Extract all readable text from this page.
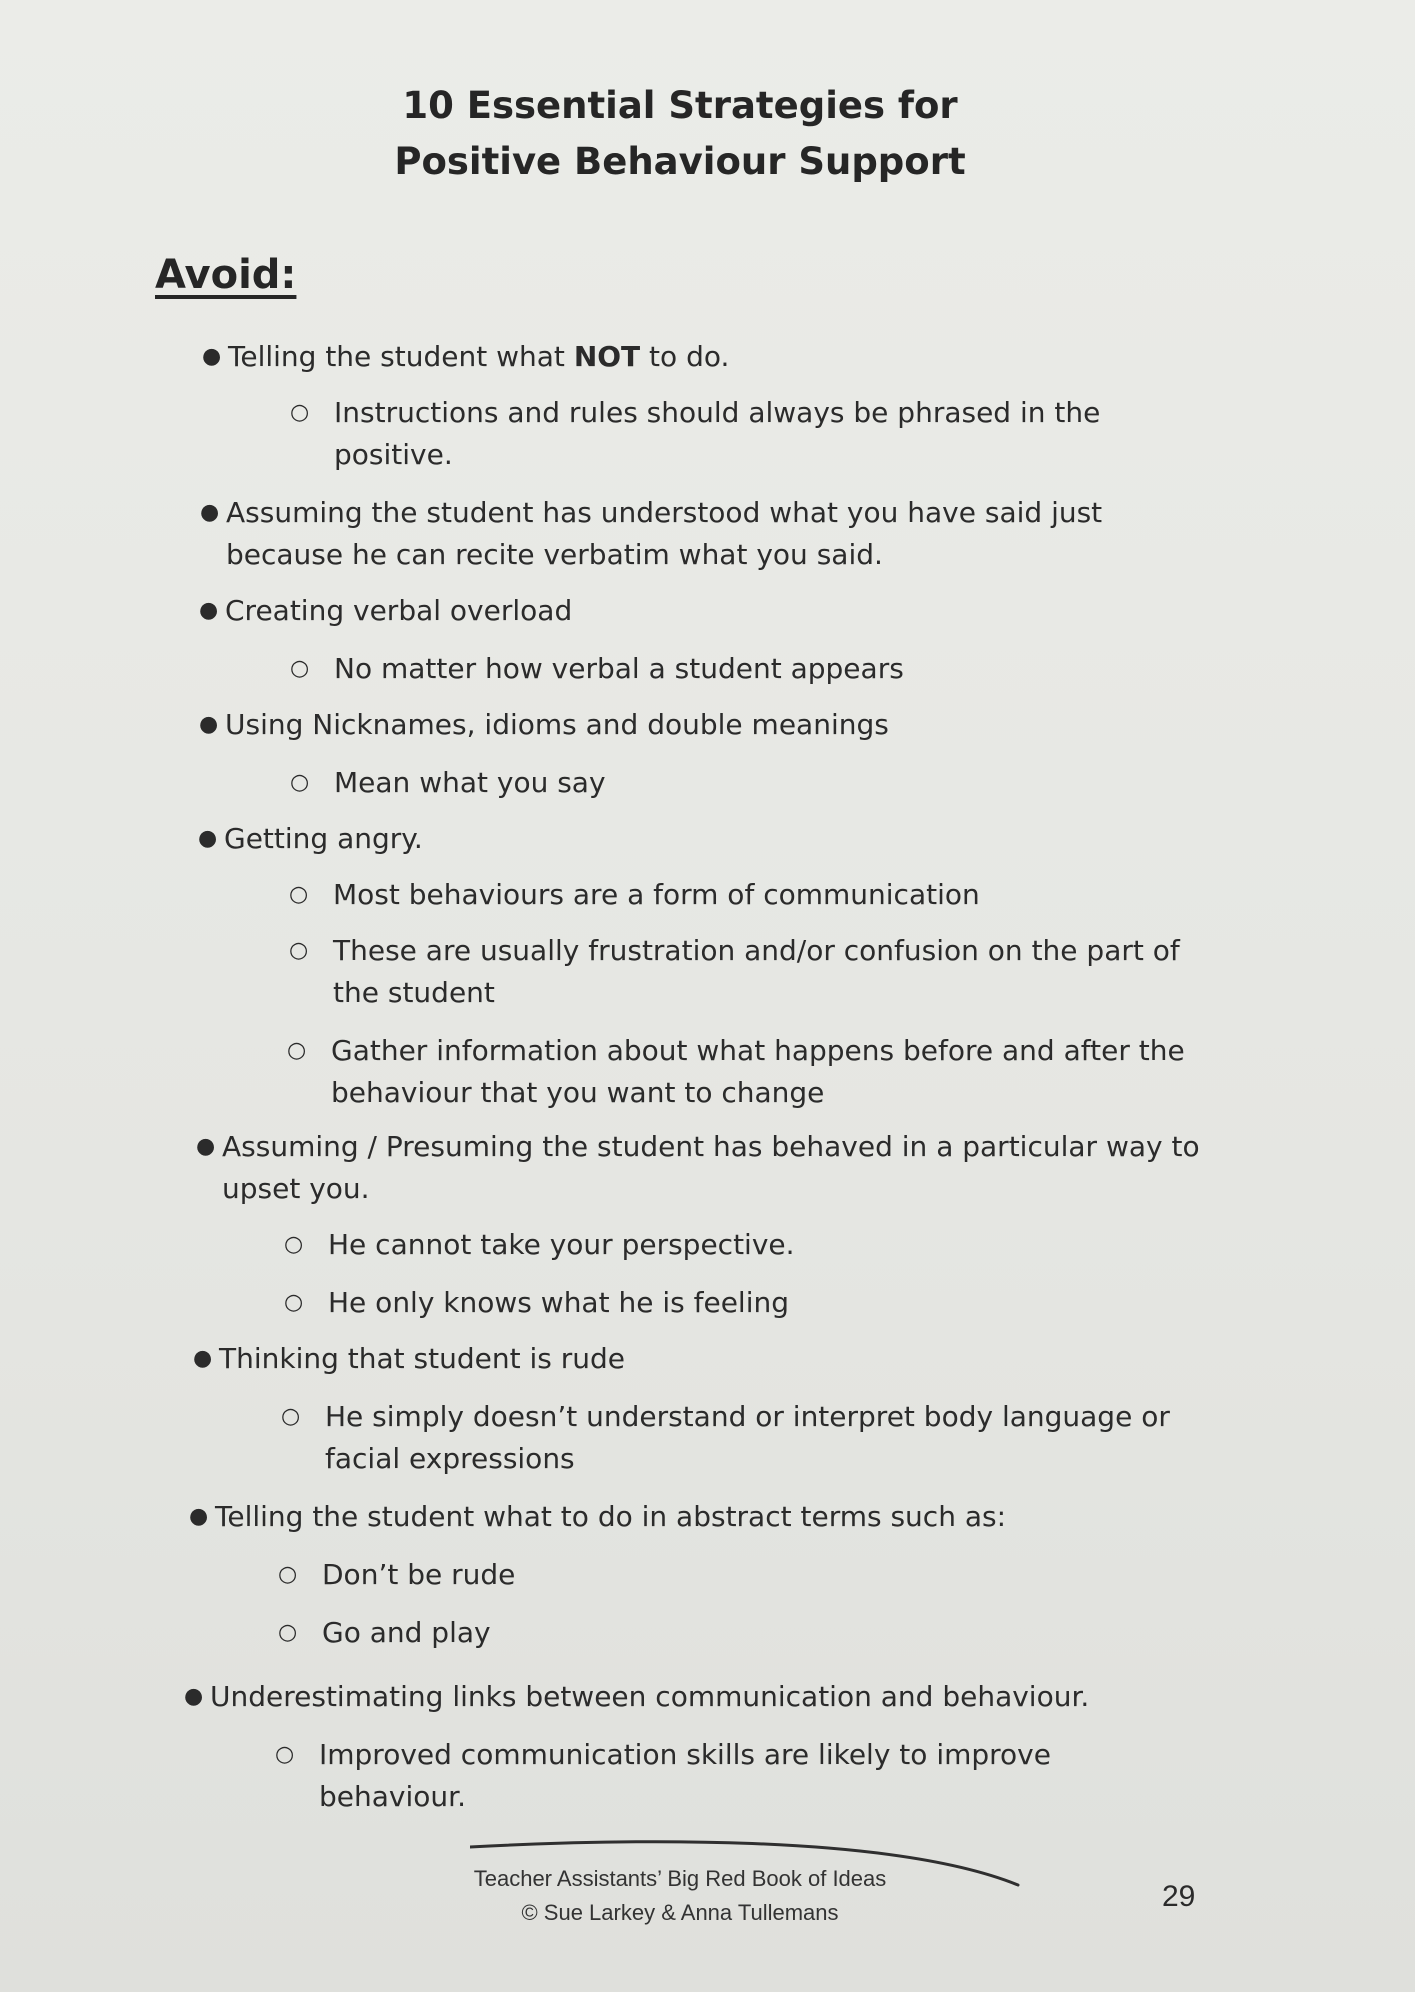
10 Essential Strategies for
Positive Behaviour Support
Avoid:
● Telling the student what NOT to do.
○ Instructions and rules should always be phrased in the positive.
● Assuming the student has understood what you have said just because he can recite verbatim what you said.
● Creating verbal overload
○ No matter how verbal a student appears
● Using Nicknames, idioms and double meanings
○ Mean what you say
● Getting angry.
○ Most behaviours are a form of communication
○ These are usually frustration and/or confusion on the part of the student
○ Gather information about what happens before and after the behaviour that you want to change
● Assuming / Presuming the student has behaved in a particular way to upset you.
○ He cannot take your perspective.
○ He only knows what he is feeling
● Thinking that student is rude
○ He simply doesn’t understand or interpret body language or facial expressions
● Telling the student what to do in abstract terms such as:
○ Don’t be rude
○ Go and play
● Underestimating links between communication and behaviour.
○ Improved communication skills are likely to improve behaviour.
Teacher Assistants’ Big Red Book of Ideas
© Sue Larkey & Anna Tullemans	29
